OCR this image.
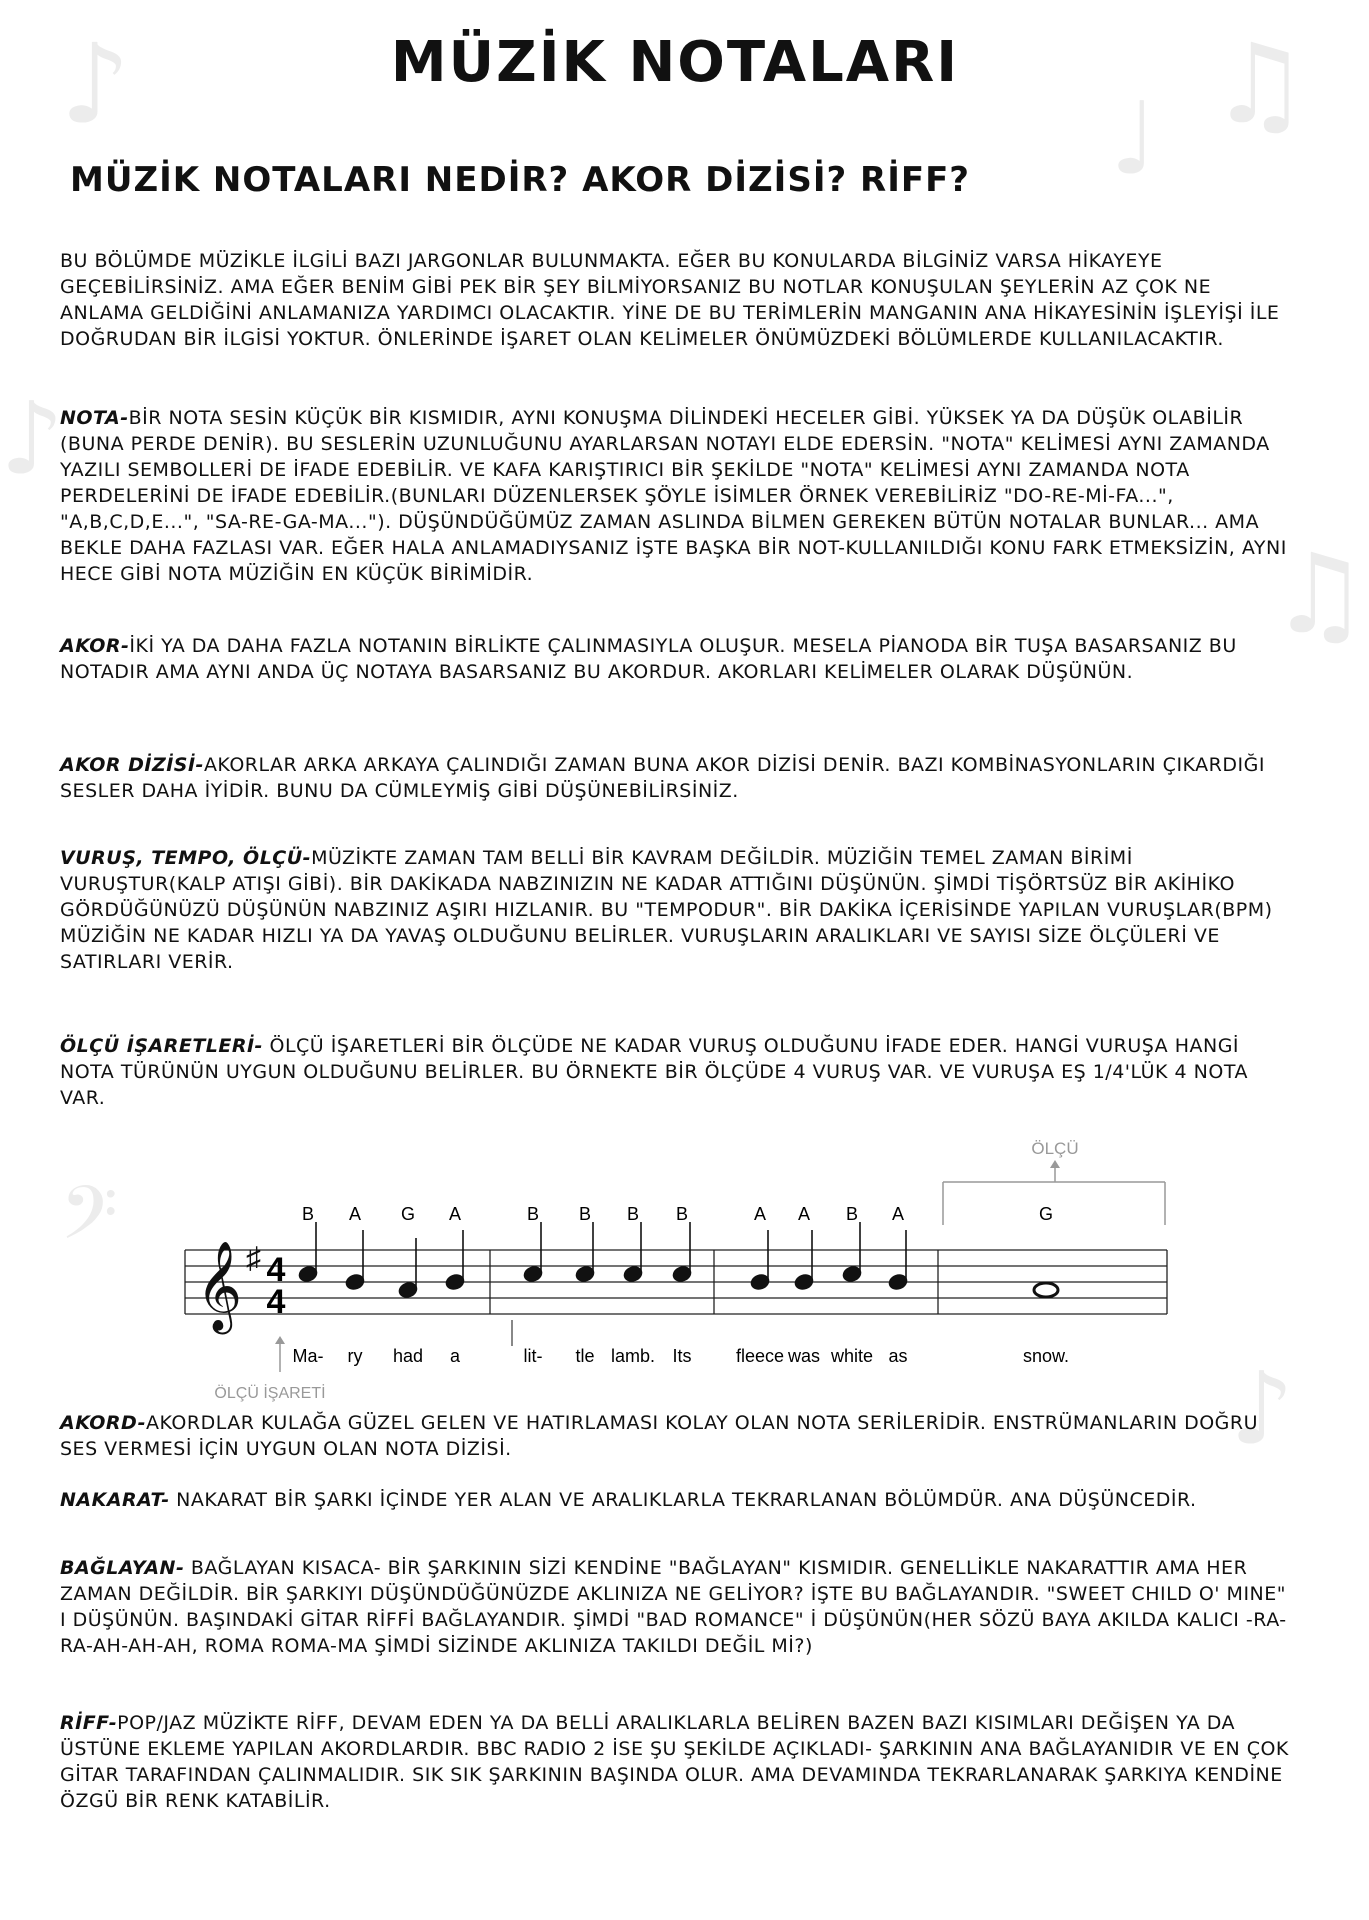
♪	♫
♩
♫
♪
𝄢
♪
MÜZİK NOTALARI
MÜZİK NOTALARI NEDİR? AKOR DİZİSİ? RİFF?
BU BÖLÜMDE MÜZİKLE İLGİLİ BAZI JARGONLAR BULUNMAKTA. EĞER BU KONULARDA BİLGİNİZ VARSA HİKAYEYE GEÇEBİLİRSİNİZ. AMA EĞER BENİM GİBİ PEK BİR ŞEY BİLMİYORSANIZ BU NOTLAR KONUŞULAN ŞEYLERİN AZ ÇOK NE ANLAMA GELDİĞİNİ ANLAMANIZA YARDIMCI OLACAKTIR. YİNE DE BU TERİMLERİN MANGANIN ANA HİKAYESİNİN İŞLEYİŞİ İLE DOĞRUDAN BİR İLGİSİ YOKTUR. ÖNLERİNDE İŞARET OLAN KELİMELER ÖNÜMÜZDEKİ BÖLÜMLERDE KULLANILACAKTIR.
NOTA-BİR NOTA SESİN KÜÇÜK BİR KISMIDIR, AYNI KONUŞMA DİLİNDEKİ HECELER GİBİ. YÜKSEK YA DA DÜŞÜK OLABİLİR (BUNA PERDE DENİR). BU SESLERİN UZUNLUĞUNU AYARLARSAN NOTAYI ELDE EDERSİN. "NOTA" KELİMESİ AYNI ZAMANDA YAZILI SEMBOLLERİ DE İFADE EDEBİLİR. VE KAFA KARIŞTIRICI BİR ŞEKİLDE "NOTA" KELİMESİ AYNI ZAMANDA NOTA PERDELERİNİ DE İFADE EDEBİLİR.(BUNLARI DÜZENLERSEK ŞÖYLE İSİMLER ÖRNEK VEREBİLİRİZ "DO-RE-Mİ-FA...", "A,B,C,D,E...", "SA-RE-GA-MA..."). DÜŞÜNDÜĞÜMÜZ ZAMAN ASLINDA BİLMEN GEREKEN BÜTÜN NOTALAR BUNLAR... AMA BEKLE DAHA FAZLASI VAR. EĞER HALA ANLAMADIYSANIZ İŞTE BAŞKA BİR NOT-KULLANILDIĞI KONU FARK ETMEKSİZİN, AYNI HECE GİBİ NOTA MÜZİĞİN EN KÜÇÜK BİRİMİDİR.
AKOR-İKİ YA DA DAHA FAZLA NOTANIN BİRLİKTE ÇALINMASIYLA OLUŞUR. MESELA PİANODA BİR TUŞA BASARSANIZ BU NOTADIR AMA AYNI ANDA ÜÇ NOTAYA BASARSANIZ BU AKORDUR. AKORLARI KELİMELER OLARAK DÜŞÜNÜN.
AKOR DİZİSİ-AKORLAR ARKA ARKAYA ÇALINDIĞI ZAMAN BUNA AKOR DİZİSİ DENİR. BAZI KOMBİNASYONLARIN ÇIKARDIĞI SESLER DAHA İYİDİR. BUNU DA CÜMLEYMİŞ GİBİ DÜŞÜNEBİLİRSİNİZ.
VURUŞ, TEMPO, ÖLÇÜ-MÜZİKTE ZAMAN TAM BELLİ BİR KAVRAM DEĞİLDİR. MÜZİĞİN TEMEL ZAMAN BİRİMİ VURUŞTUR(KALP ATIŞI GİBİ). BİR DAKİKADA NABZINIZIN NE KADAR ATTIĞINI DÜŞÜNÜN. ŞİMDİ TİŞÖRTSÜZ BİR AKİHİKO GÖRDÜĞÜNÜZÜ DÜŞÜNÜN NABZINIZ AŞIRI HIZLANIR. BU "TEMPODUR". BİR DAKİKA İÇERİSİNDE YAPILAN VURUŞLAR(BPM) MÜZİĞİN NE KADAR HIZLI YA DA YAVAŞ OLDUĞUNU BELİRLER. VURUŞLARIN ARALIKLARI VE SAYISI SİZE ÖLÇÜLERİ VE SATIRLARI VERİR.
ÖLÇÜ İŞARETLERİ- ÖLÇÜ İŞARETLERİ BİR ÖLÇÜDE NE KADAR VURUŞ OLDUĞUNU İFADE EDER. HANGİ VURUŞA HANGİ NOTA TÜRÜNÜN UYGUN OLDUĞUNU BELİRLER. BU ÖRNEKTE BİR ÖLÇÜDE 4 VURUŞ VAR. VE VURUŞA EŞ 1/4'LÜK 4 NOTA VAR.
ÖLÇÜ
𝄞 ♯ 4
4
ÖLÇÜ İŞARETİ
B
Ma-
A
ry
G
had
A
a
B
lit-
B
tle
B
lamb.
B
Its
A
fleece
A
was
B
white
A
as
G
snow.
AKORD-AKORDLAR KULAĞA GÜZEL GELEN VE HATIRLAMASI KOLAY OLAN NOTA SERİLERİDİR. ENSTRÜMANLARIN DOĞRU SES VERMESİ İÇİN UYGUN OLAN NOTA DİZİSİ.
NAKARAT- NAKARAT BİR ŞARKI İÇİNDE YER ALAN VE ARALIKLARLA TEKRARLANAN BÖLÜMDÜR. ANA DÜŞÜNCEDİR.
BAĞLAYAN- BAĞLAYAN KISACA- BİR ŞARKININ SİZİ KENDİNE "BAĞLAYAN" KISMIDIR. GENELLİKLE NAKARATTIR AMA HER ZAMAN DEĞİLDİR. BİR ŞARKIYI DÜŞÜNDÜĞÜNÜZDE AKLINIZA NE GELİYOR? İŞTE BU BAĞLAYANDIR. "SWEET CHILD O' MINE" I DÜŞÜNÜN. BAŞINDAKİ GİTAR RİFFİ BAĞLAYANDIR. ŞİMDİ "BAD ROMANCE" İ DÜŞÜNÜN(HER SÖZÜ BAYA AKILDA KALICI -RA-RA-AH-AH-AH, ROMA ROMA-MA ŞİMDİ SİZİNDE AKLINIZA TAKILDI DEĞİL Mİ?)
RİFF-POP/JAZ MÜZİKTE RİFF, DEVAM EDEN YA DA BELLİ ARALIKLARLA BELİREN BAZEN BAZI KISIMLARI DEĞİŞEN YA DA ÜSTÜNE EKLEME YAPILAN AKORDLARDIR. BBC RADIO 2 İSE ŞU ŞEKİLDE AÇIKLADI- ŞARKININ ANA BAĞLAYANIDIR VE EN ÇOK GİTAR TARAFINDAN ÇALINMALIDIR. SIK SIK ŞARKININ BAŞINDA OLUR. AMA DEVAMINDA TEKRARLANARAK ŞARKIYA KENDİNE ÖZGÜ BİR RENK KATABİLİR.
